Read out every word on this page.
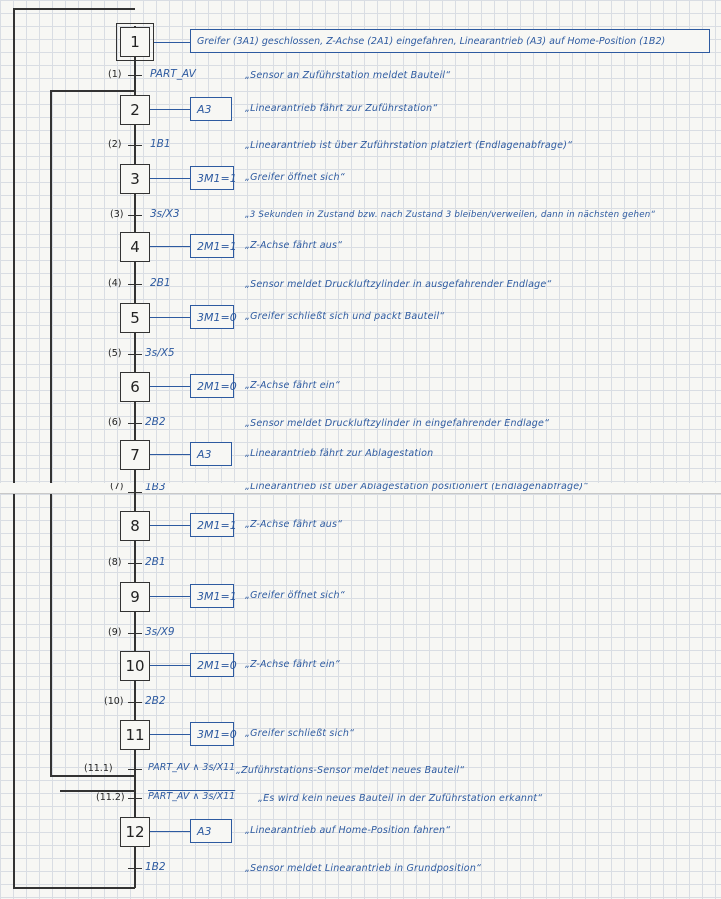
1	Greifer (3A1) geschlossen, Z-Achse (2A1) eingefahren, Linearantrieb (A3) auf Home-Position (1B2)
2	A3	„Linearantrieb fährt zur Zuführstation“
3	3M1=1 „Greifer öffnet sich“
4	2M1=1 „Z-Achse fährt aus“
5	3M1=0 „Greifer schließt sich und packt Bauteil“
6	2M1=0 „Z-Achse fährt ein“
7	A3	„Linearantrieb fährt zur Ablagestation
8	2M1=1 „Z-Achse fährt aus“
9	3M1=1 „Greifer öffnet sich“
10	2M1=0 „Z-Achse fährt ein“
11	3M1=0 „Greifer schließt sich“
12	A3	„Linearantrieb auf Home-Position fahren“
(1)	PART_AV	„Sensor an Zuführstation meldet Bauteil“
(2)	1B1	„Linearantrieb ist über Zuführstation platziert (Endlagenabfrage)“
(3)	3s/X3	„3 Sekunden in Zustand bzw. nach Zustand 3 bleiben/verweilen, dann in nächsten gehen“
(4)	2B1	„Sensor meldet Druckluftzylinder in ausgefahrender Endlage“
(5) 3s/X5
(6) 2B2	„Sensor meldet Druckluftzylinder in eingefahrender Endlage“
(7) 1B3	„Linearantrieb ist über Ablagestation positioniert (Endlagenabfrage)“
(8) 2B1
(9) 3s/X9
(10) 2B2
(11.1)	PART_AV ∧ 3s/X11 „Zuführstations-Sensor meldet neues Bauteil“
(11.2) PART_AV ∧ 3s/X11 „Es wird kein neues Bauteil in der Zuführstation erkannt“
1B2	„Sensor meldet Linearantrieb in Grundposition“
